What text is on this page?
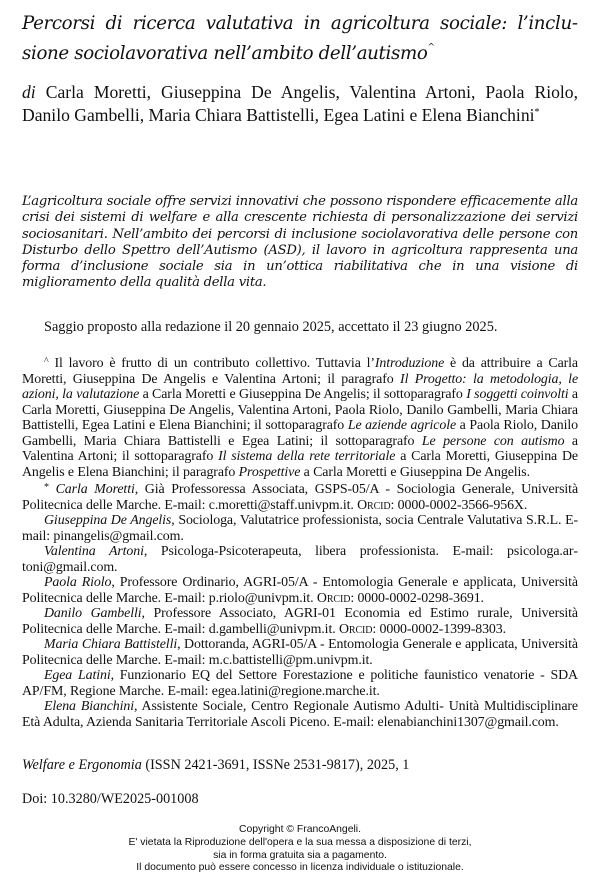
Percorsi di ricerca valutativa in agricoltura sociale: l’inclusione sociolavorativa nell’ambito dell’autismo^
di Carla Moretti, Giuseppina De Angelis, Valentina Artoni, Paola Riolo, Danilo Gambelli, Maria Chiara Battistelli, Egea Latini e Elena Bianchini*

L’agricoltura sociale offre servizi innovativi che possono rispondere efficacemente alla crisi dei sistemi di welfare e alla crescente richiesta di personalizzazione dei servizi sociosanitari. Nell’ambito dei percorsi di inclusione sociolavorativa delle persone con Disturbo dello Spettro dell’Autismo (ASD), il lavoro in agricoltura rappresenta una forma d’inclusione sociale sia in un’ottica riabilitativa che in una visione di miglioramento della qualità della vita.

Saggio proposto alla redazione il 20 gennaio 2025, accettato il 23 giugno 2025.

^ Il lavoro è frutto di un contributo collettivo. Tuttavia l’Introduzione è da attribuire a Carla Moretti, Giuseppina De Angelis e Valentina Artoni; il paragrafo Il Progetto: la metodologia, le azioni, la valutazione a Carla Moretti e Giuseppina De Angelis; il sottoparagrafo I soggetti coinvolti a Carla Moretti, Giuseppina De Angelis, Valentina Artoni, Paola Riolo, Danilo Gambelli, Maria Chiara Battistelli, Egea Latini e Elena Bianchini; il sottoparagrafo Le aziende agricole a Paola Riolo, Danilo Gambelli, Maria Chiara Battistelli e Egea Latini; il sottoparagrafo Le persone con autismo a Valentina Artoni; il sottoparagrafo Il sistema della rete territoriale a Carla Moretti, Giuseppina De Angelis e Elena Bianchini; il paragrafo Prospettive a Carla Moretti e Giuseppina De Angelis.

* Carla Moretti, Già Professoressa Associata, GSPS-05/A - Sociologia Generale, Università Politecnica delle Marche. E-mail: c.moretti@staff.univpm.it. Orcid: 0000-0002-3566-956X.

Giuseppina De Angelis, Sociologa, Valutatrice professionista, socia Centrale Valutativa S.R.L. E-mail: pinangelis@gmail.com.

Valentina Artoni, Psicologa-Psicoterapeuta, libera professionista. E-mail: psicologa.artoni@gmail.com.

Paola Riolo, Professore Ordinario, AGRI-05/A - Entomologia Generale e applicata, Università Politecnica delle Marche. E-mail: p.riolo@univpm.it. Orcid: 0000-0002-0298-3691.

Danilo Gambelli, Professore Associato, AGRI-01 Economia ed Estimo rurale, Università Politecnica delle Marche. E-mail: d.gambelli@univpm.it. Orcid: 0000-0002-1399-8303.

Maria Chiara Battistelli, Dottoranda, AGRI-05/A - Entomologia Generale e applicata, Università Politecnica delle Marche. E-mail: m.c.battistelli@pm.univpm.it.

Egea Latini, Funzionario EQ del Settore Forestazione e politiche faunistico venatorie - SDA AP/FM, Regione Marche. E-mail: egea.latini@regione.marche.it.

Elena Bianchini, Assistente Sociale, Centro Regionale Autismo Adulti- Unità Multidisciplinare Età Adulta, Azienda Sanitaria Territoriale Ascoli Piceno. E-mail: elenabianchini1307@gmail.com.

Welfare e Ergonomia (ISSN 2421-3691, ISSNe 2531-9817), 2025, 1
Doi: 10.3280/WE2025-001008
Copyright © FrancoAngeli.
E' vietata la Riproduzione dell'opera e la sua messa a disposizione di terzi,
sia in forma gratuita sia a pagamento.
Il documento può essere concesso in licenza individuale o istituzionale.
